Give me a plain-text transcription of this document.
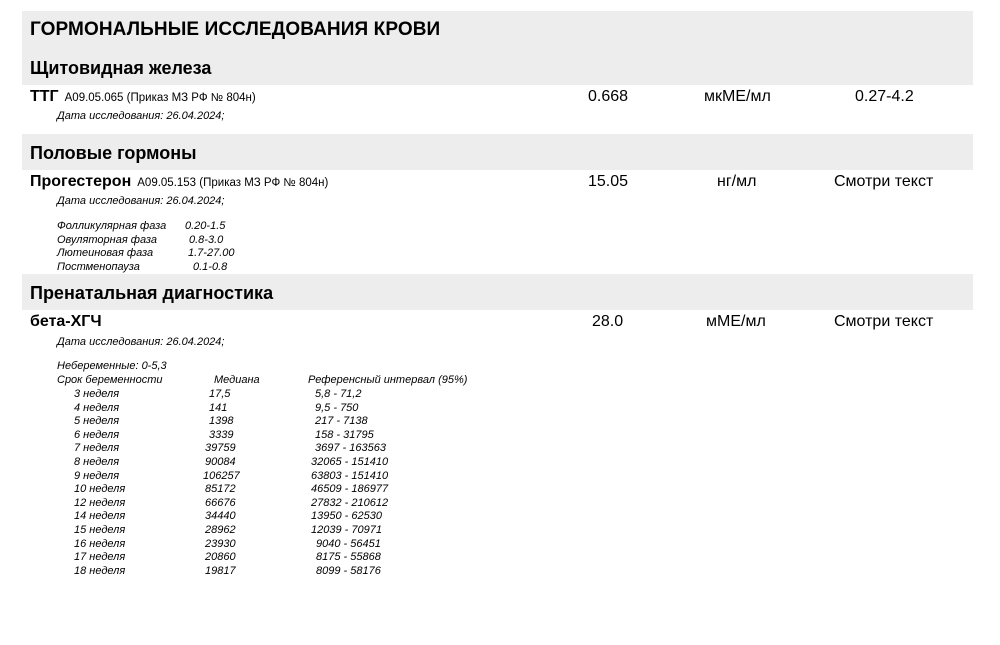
ГОРМОНАЛЬНЫЕ ИССЛЕДОВАНИЯ КРОВИ
Щитовидная железа
ТТГ А09.05.065 (Приказ МЗ РФ № 804н)	0.668	мкМЕ/мл	0.27-4.2
Дата исследования: 26.04.2024;
Половые гормоны
Прогестерон А09.05.153 (Приказ МЗ РФ № 804н)	15.05	нг/мл	Смотри текст
Дата исследования: 26.04.2024;
Фолликулярная фаза 0.20-1.5
Овуляторная фаза	0.8-3.0
Лютеиновая фаза	1.7-27.00
Постменопауза	0.1-0.8
Пренатальная диагностика
бета-ХГЧ	28.0	мМЕ/мл	Смотри текст
Дата исследования: 26.04.2024;
Небеременные: 0-5,3
Срок беременности	Медиана	Референсный интервал (95%)
3 неделя	17,5	5,8 - 71,2
4 неделя	141	9,5 - 750
5 неделя	1398	217 - 7138
6 неделя	3339	158 - 31795
7 неделя	39759	3697 - 163563
8 неделя	90084	32065 - 151410
9 неделя	106257	63803 - 151410
10 неделя	85172	46509 - 186977
12 неделя	66676	27832 - 210612
14 неделя	34440	13950 - 62530
15 неделя	28962	12039 - 70971
16 неделя	23930	9040 - 56451
17 неделя	20860	8175 - 55868
18 неделя	19817	8099 - 58176
